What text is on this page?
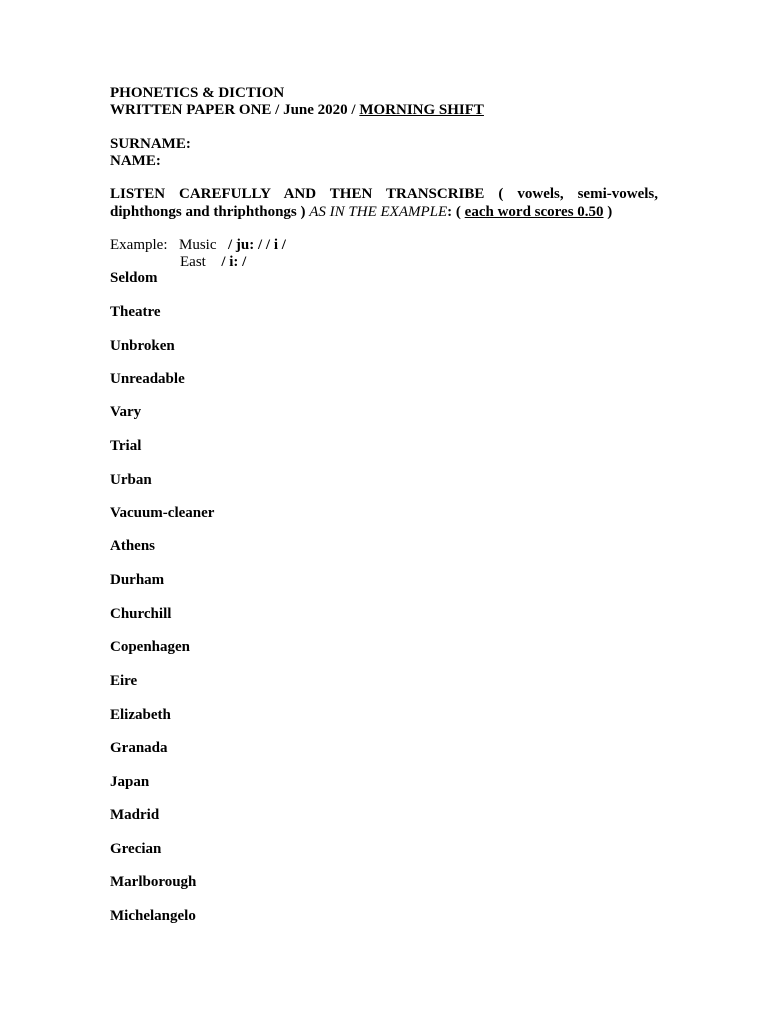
PHONETICS & DICTION
WRITTEN PAPER ONE / June 2020 / MORNING SHIFT
SURNAME:
NAME:
LISTEN CAREFULLY AND THEN TRANSCRIBE ( vowels, semi-vowels,
diphthongs and thriphthongs ) AS IN THE EXAMPLE: ( each word scores 0.50 )
Example: Music / ju: / / i /
East / i: /
Seldom
Theatre
Unbroken
Unreadable
Vary
Trial
Urban
Vacuum-cleaner
Athens
Durham
Churchill
Copenhagen
Eire
Elizabeth
Granada
Japan
Madrid
Grecian
Marlborough
Michelangelo
